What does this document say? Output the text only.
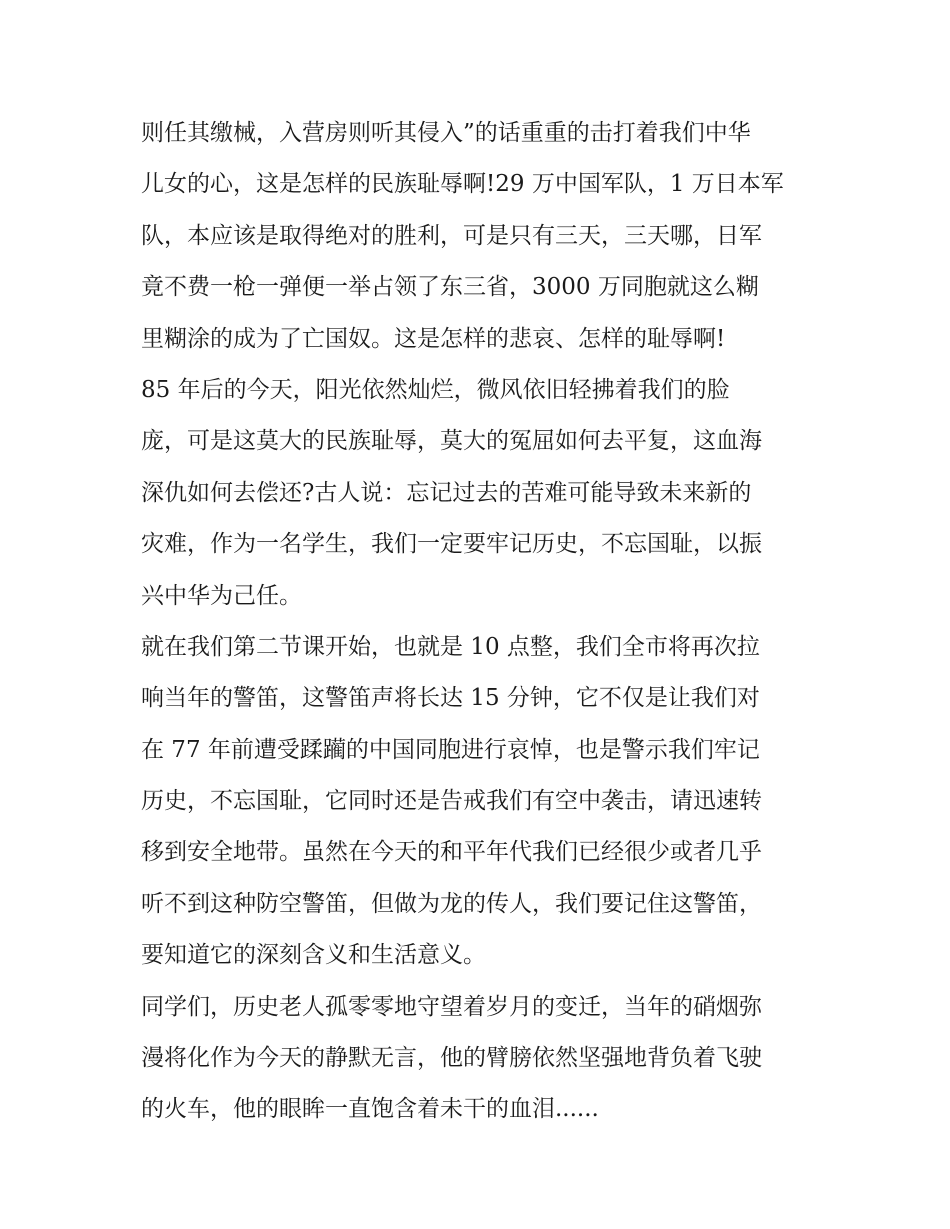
则任其缴械，入营房则听其侵入”的话重重的击打着我们中华
儿女的心，这是怎样的民族耻辱啊!29 万中国军队，1 万日本军
队，本应该是取得绝对的胜利，可是只有三天，三天哪，日军
竟不费一枪一弹便一举占领了东三省，3000 万同胞就这么糊
里糊涂的成为了亡国奴。这是怎样的悲哀、怎样的耻辱啊!
85 年后的今天，阳光依然灿烂，微风依旧轻拂着我们的脸
庞，可是这莫大的民族耻辱，莫大的冤屈如何去平复，这血海
深仇如何去偿还?古人说：忘记过去的苦难可能导致未来新的
灾难，作为一名学生，我们一定要牢记历史，不忘国耻，以振
兴中华为己任。
就在我们第二节课开始，也就是 10 点整，我们全市将再次拉
响当年的警笛，这警笛声将长达 15 分钟，它不仅是让我们对
在 77 年前遭受蹂躏的中国同胞进行哀悼，也是警示我们牢记
历史，不忘国耻，它同时还是告戒我们有空中袭击，请迅速转
移到安全地带。虽然在今天的和平年代我们已经很少或者几乎
听不到这种防空警笛，但做为龙的传人，我们要记住这警笛，
要知道它的深刻含义和生活意义。
同学们，历史老人孤零零地守望着岁月的变迁，当年的硝烟弥
漫将化作为今天的静默无言，他的臂膀依然坚强地背负着飞驶
的火车，他的眼眸一直饱含着未干的血泪......
